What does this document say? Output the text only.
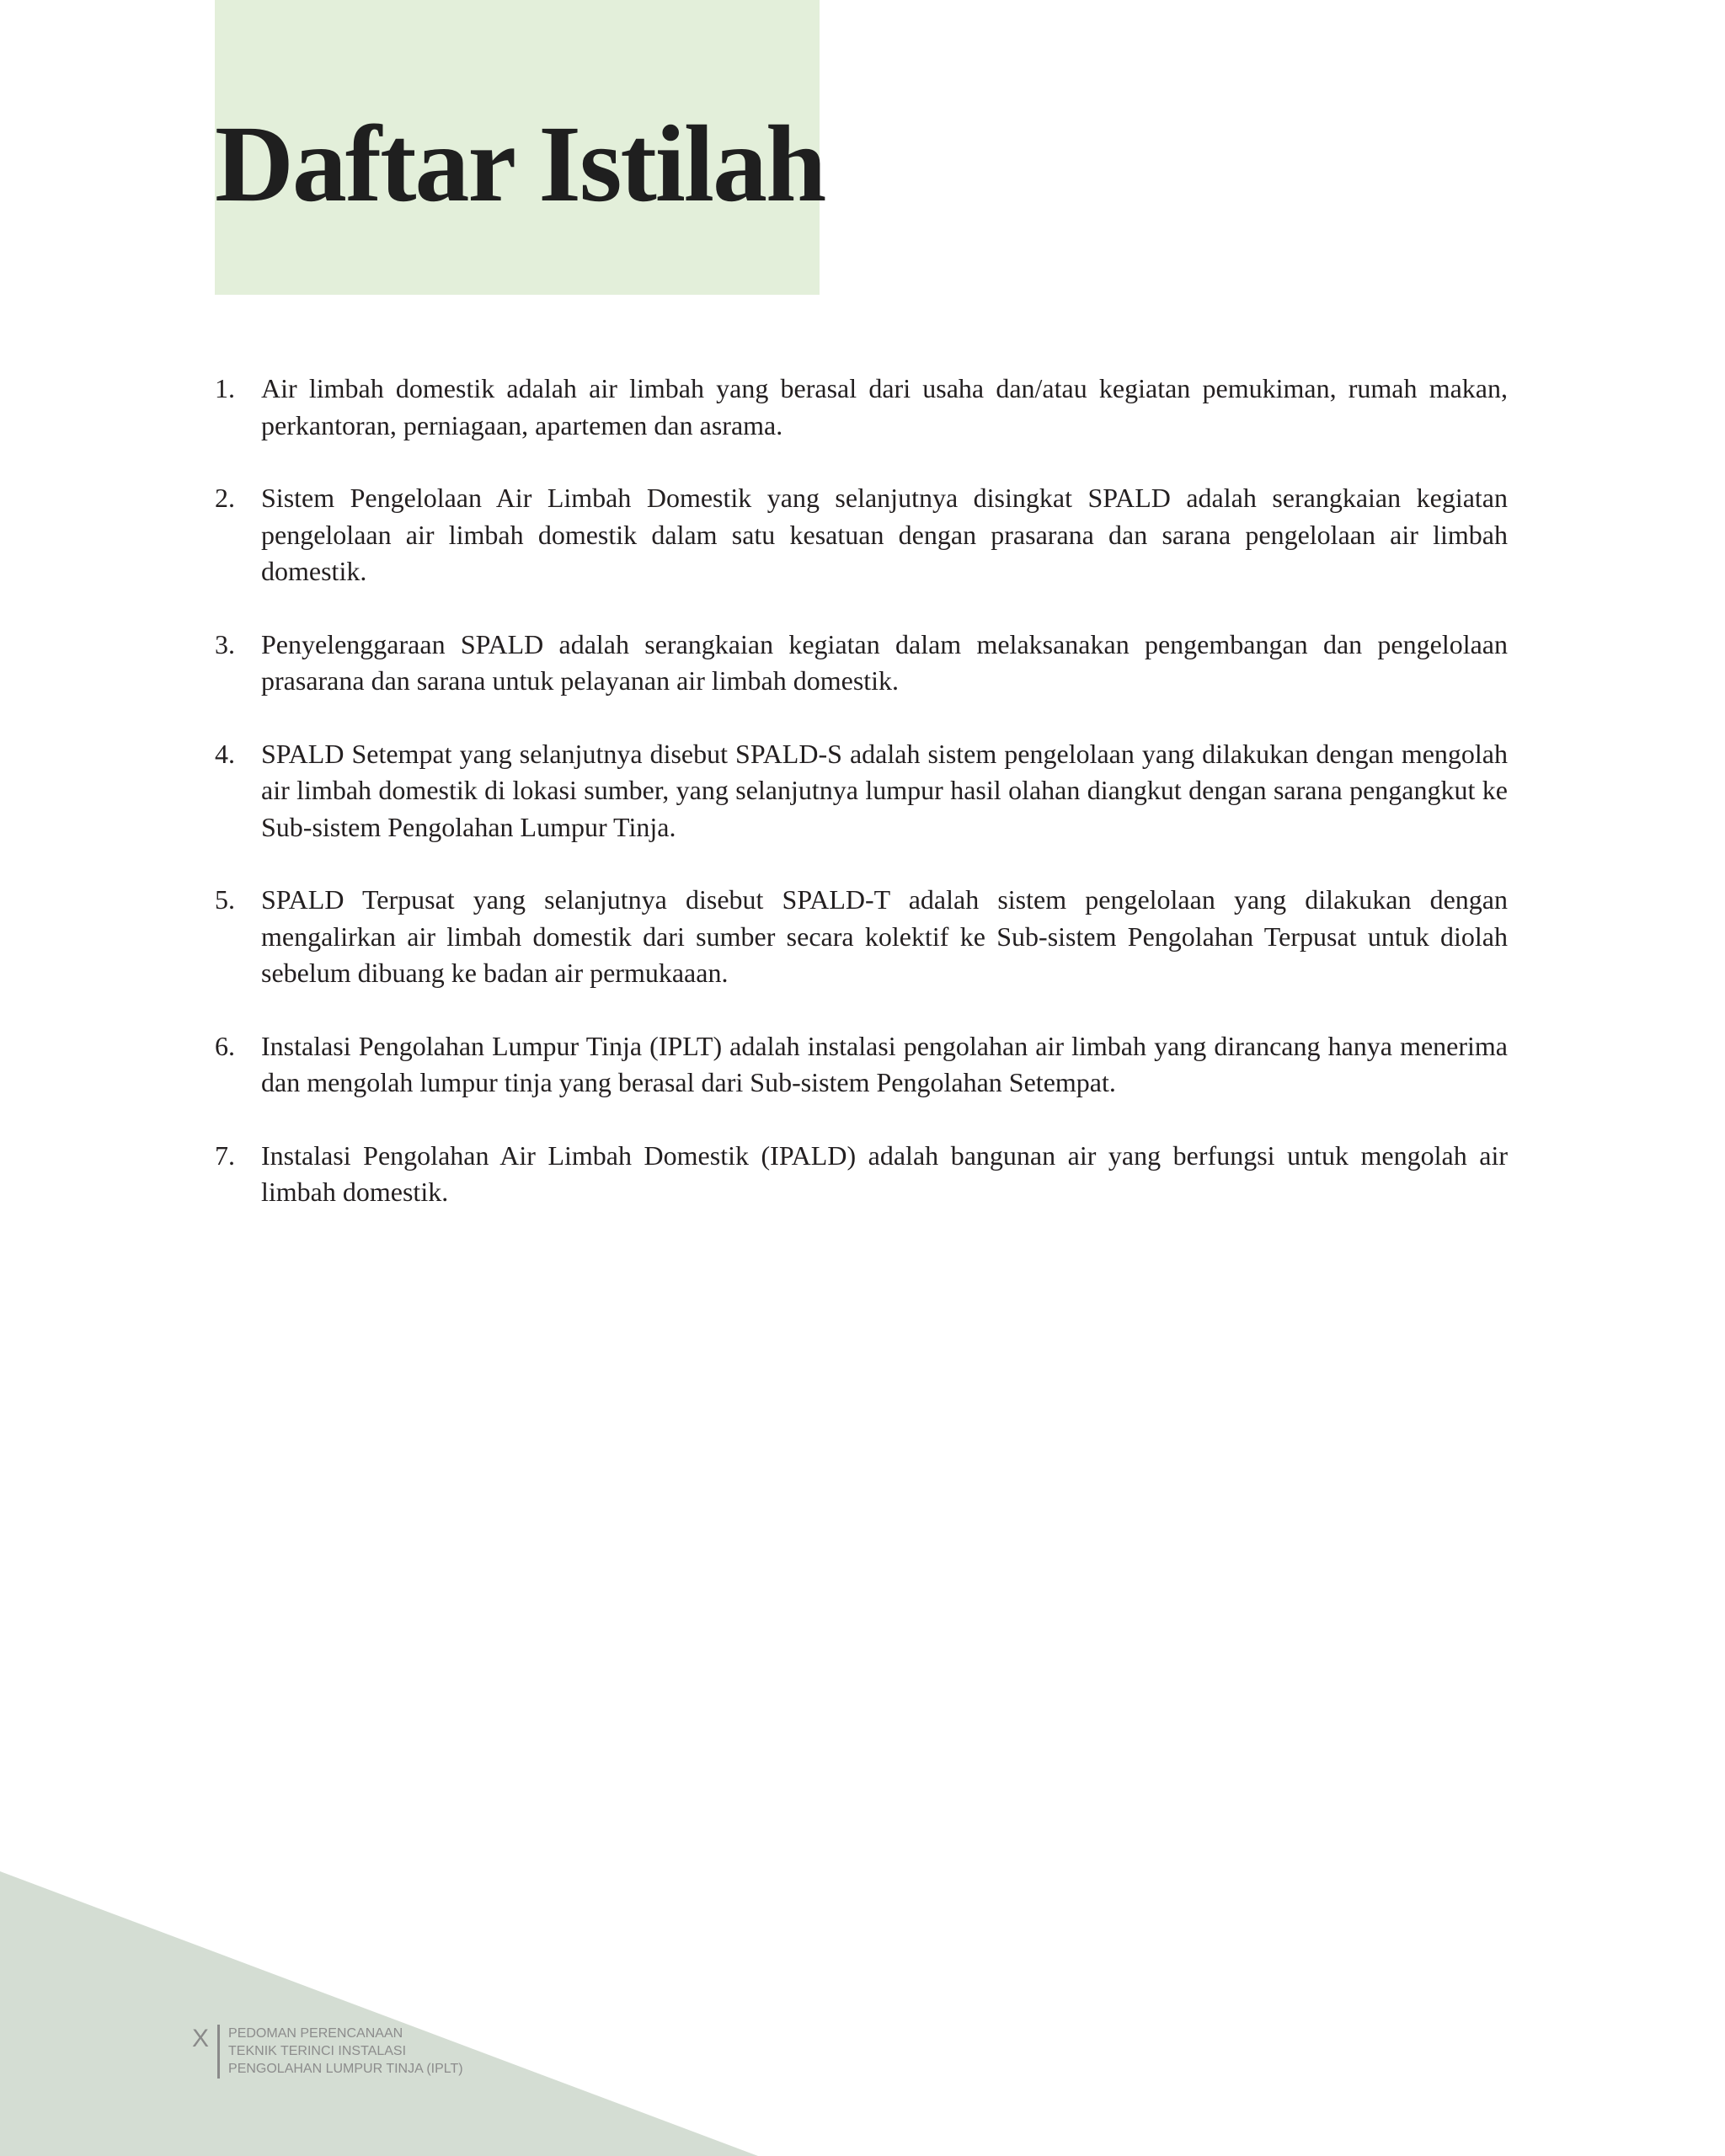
Daftar Istilah
1. Air limbah domestik adalah air limbah yang berasal dari usaha dan/atau kegiatan pemukiman, rumah makan, perkantoran, perniagaan, apartemen dan asrama.
2. Sistem Pengelolaan Air Limbah Domestik yang selanjutnya disingkat SPALD adalah serangkaian kegiatan pengelolaan air limbah domestik dalam satu kesatuan dengan prasarana dan sarana pengelolaan air limbah domestik.
3. Penyelenggaraan SPALD adalah serangkaian kegiatan dalam melaksanakan pengembangan dan pengelolaan prasarana dan sarana untuk pelayanan air limbah domestik.
4. SPALD Setempat yang selanjutnya disebut SPALD-S adalah sistem pengelolaan yang dilakukan dengan mengolah air limbah domestik di lokasi sumber, yang selanjutnya lumpur hasil olahan diangkut dengan sarana pengangkut ke Sub-sistem Pengolahan Lumpur Tinja.
5. SPALD Terpusat yang selanjutnya disebut SPALD-T adalah sistem pengelolaan yang dilakukan dengan mengalirkan air limbah domestik dari sumber secara kolektif ke Sub-sistem Pengolahan Terpusat untuk diolah sebelum dibuang ke badan air permukaaan.
6. Instalasi Pengolahan Lumpur Tinja (IPLT) adalah instalasi pengolahan air limbah yang dirancang hanya menerima dan mengolah lumpur tinja yang berasal dari Sub-sistem Pengolahan Setempat.
7. Instalasi Pengolahan Air Limbah Domestik (IPALD) adalah bangunan air yang berfungsi untuk mengolah air limbah domestik.
X PEDOMAN PERENCANAAN
TEKNIK TERINCI INSTALASI
PENGOLAHAN LUMPUR TINJA (IPLT)
